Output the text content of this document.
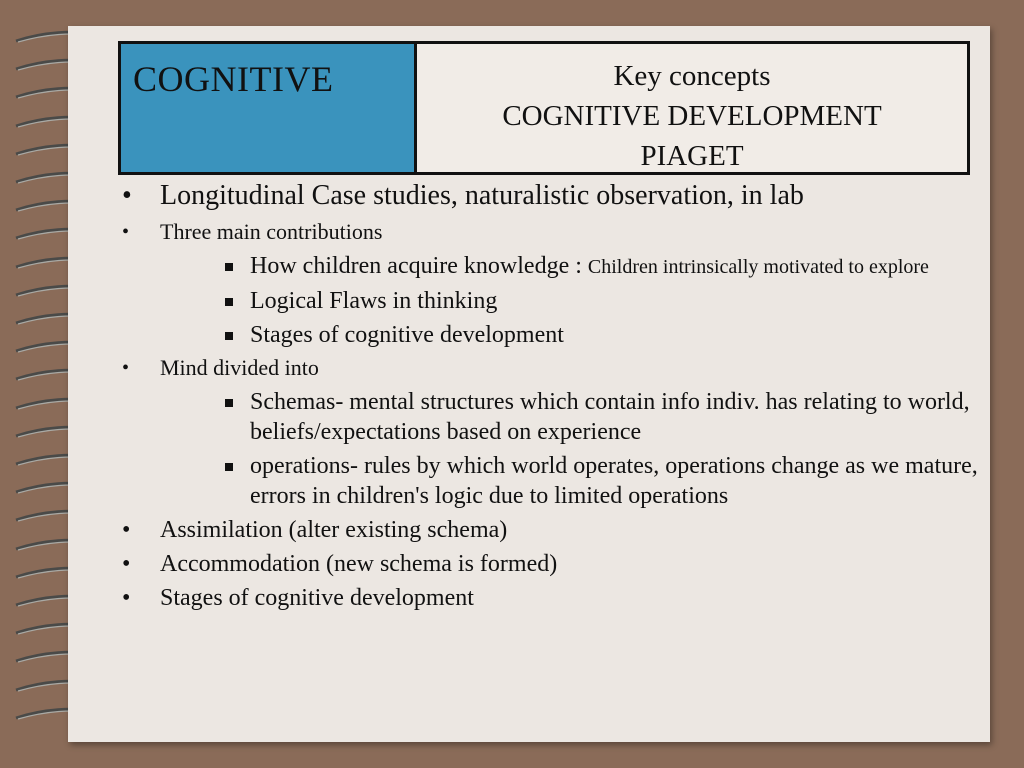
COGNITIVE	Key concepts
COGNITIVE DEVELOPMENT
PIAGET
• Longitudinal Case studies, naturalistic observation, in lab
• Three main contributions
How children acquire knowledge : Children intrinsically motivated to explore
Logical Flaws in thinking
Stages of cognitive development
• Mind divided into
Schemas- mental structures which contain info indiv. has relating to world, beliefs/expectations based on experience
operations- rules by which world operates, operations change as we mature, errors in children's logic due to limited operations
• Assimilation (alter existing schema)
• Accommodation (new schema is formed)
• Stages of cognitive development
